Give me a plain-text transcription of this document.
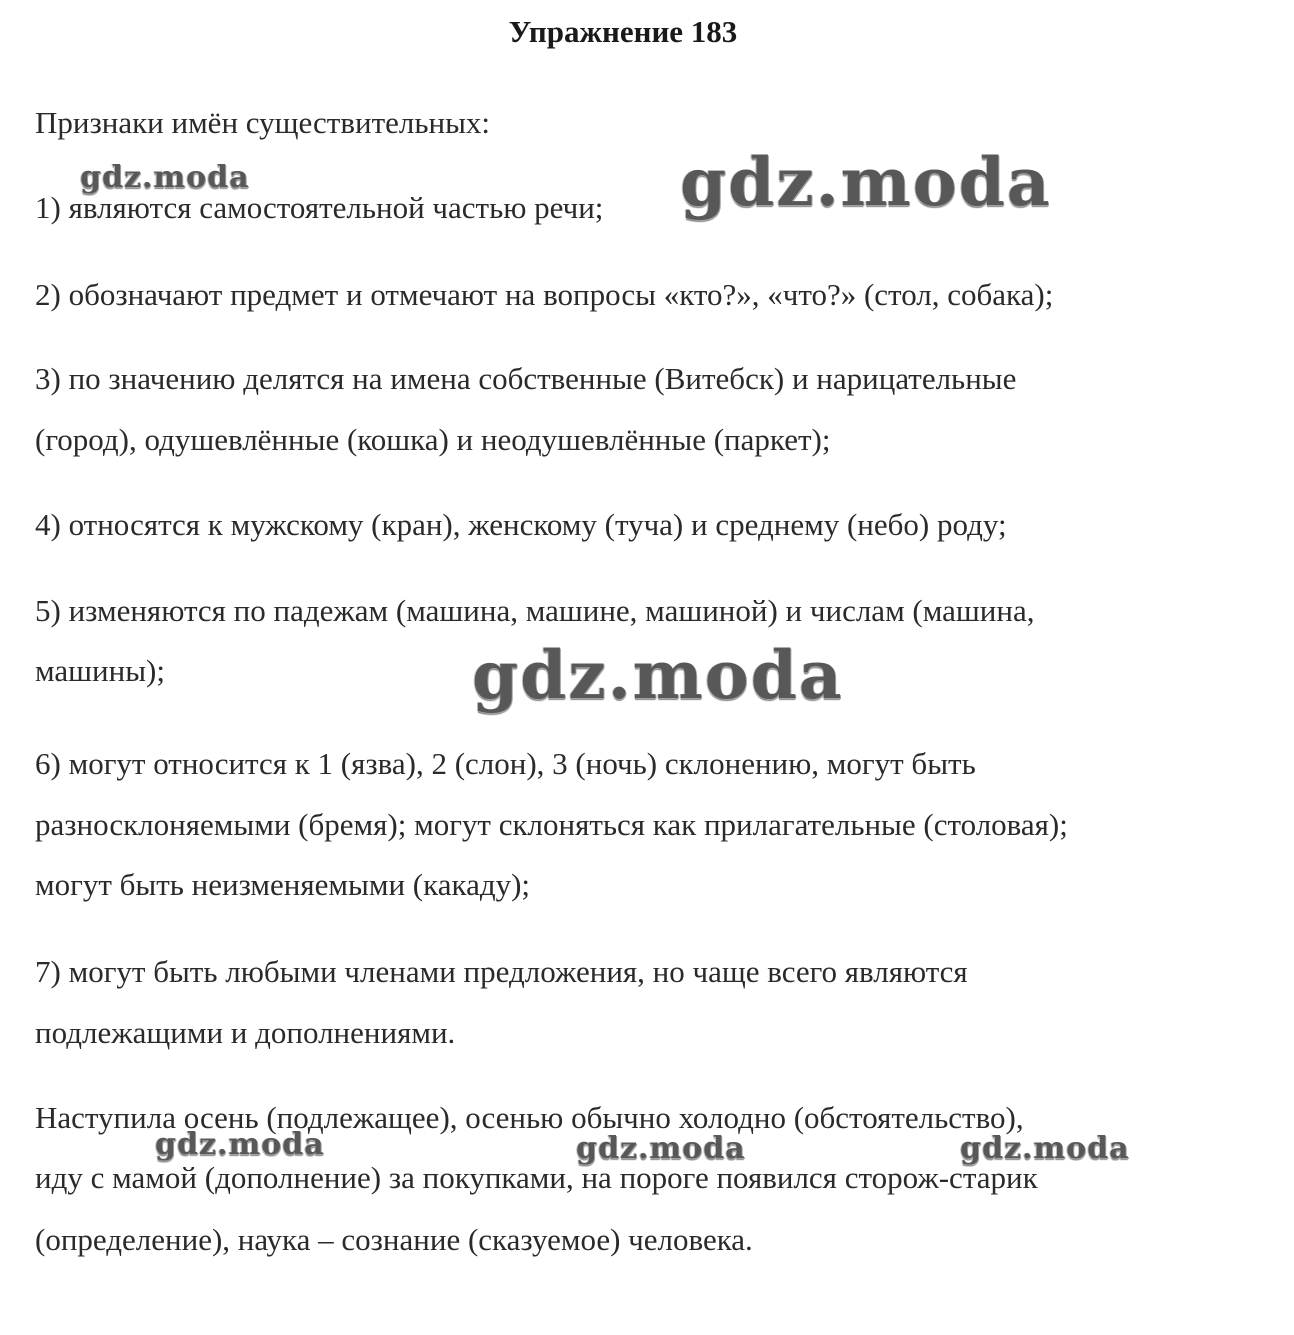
Упражнение 183
Признаки имён существительных:
1) являются самостоятельной частью речи;
2) обозначают предмет и отмечают на вопросы «кто?», «что?» (стол, собака);
3) по значению делятся на имена собственные (Витебск) и нарицательные
(город), одушевлённые (кошка) и неодушевлённые (паркет);
4) относятся к мужскому (кран), женскому (туча) и среднему (небо) роду;
5) изменяются по падежам (машина, машине, машиной) и числам (машина,
машины);
6) могут относится к 1 (язва), 2 (слон), 3 (ночь) склонению, могут быть
разносклоняемыми (бремя); могут склоняться как прилагательные (столовая);
могут быть неизменяемыми (какаду);
7) могут быть любыми членами предложения, но чаще всего являются
подлежащими и дополнениями.
Наступила осень (подлежащее), осенью обычно холодно (обстоятельство),
иду с мамой (дополнение) за покупками, на пороге появился сторож-старик
(определение), наука – сознание (сказуемое) человека.
gdz.moda	gdz.moda
gdz.moda
gdz.moda	gdz.moda	gdz.moda
